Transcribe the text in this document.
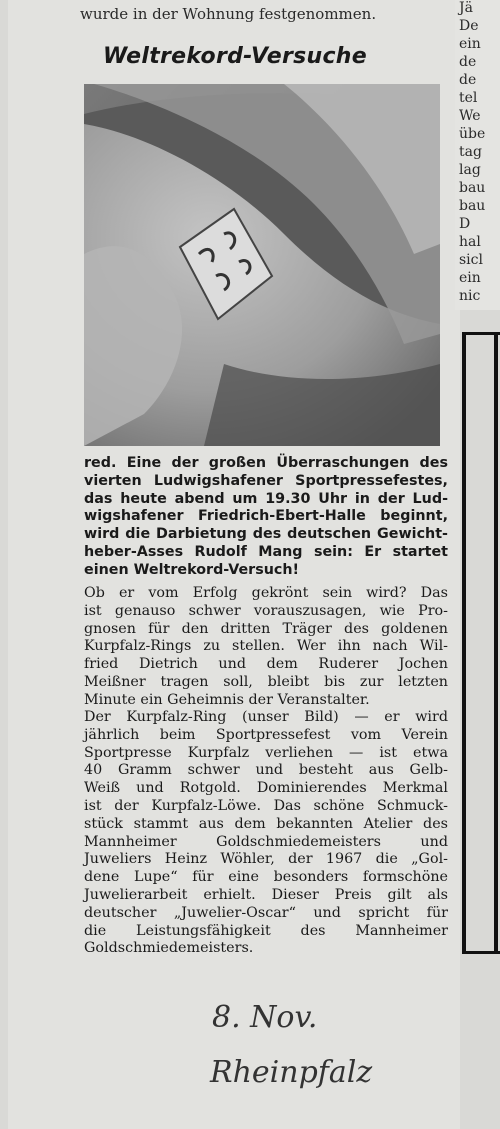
Jä
De
ein
de
de
tel
We
übe
tag
lag
bau
bau
D
hal
sicl
ein
nic
wurde in der Wohnung festgenommen.
Weltrekord-Versuche
red. Eine der großen Überraschungen des
vierten Ludwigshafener Sportpressefestes,
das heute abend um 19.30 Uhr in der Lud-
wigshafener Friedrich-Ebert-Halle beginnt,
wird die Darbietung des deutschen Gewicht-
heber-Asses Rudolf Mang sein: Er startet
einen Weltrekord-Versuch!
Ob er vom Erfolg gekrönt sein wird? Das
ist genauso schwer vorauszusagen, wie Pro-
gnosen für den dritten Träger des goldenen
Kurpfalz-Rings zu stellen. Wer ihn nach Wil-
fried Dietrich und dem Ruderer Jochen
Meißner tragen soll, bleibt bis zur letzten
Minute ein Geheimnis der Veranstalter.
Der Kurpfalz-Ring (unser Bild) — er wird
jährlich beim Sportpressefest vom Verein
Sportpresse Kurpfalz verliehen — ist etwa
40 Gramm schwer und besteht aus Gelb-
Weiß und Rotgold. Dominierendes Merkmal
ist der Kurpfalz-Löwe. Das schöne Schmuck-
stück stammt aus dem bekannten Atelier des
Mannheimer Goldschmiedemeisters und
Juweliers Heinz Wöhler, der 1967 die „Gol-
dene Lupe“ für eine besonders formschöne
Juwelierarbeit erhielt. Dieser Preis gilt als
deutscher „Juwelier-Oscar“ und spricht für
die Leistungsfähigkeit des Mannheimer
Goldschmiedemeisters.
8. Nov.
Rheinpfalz
